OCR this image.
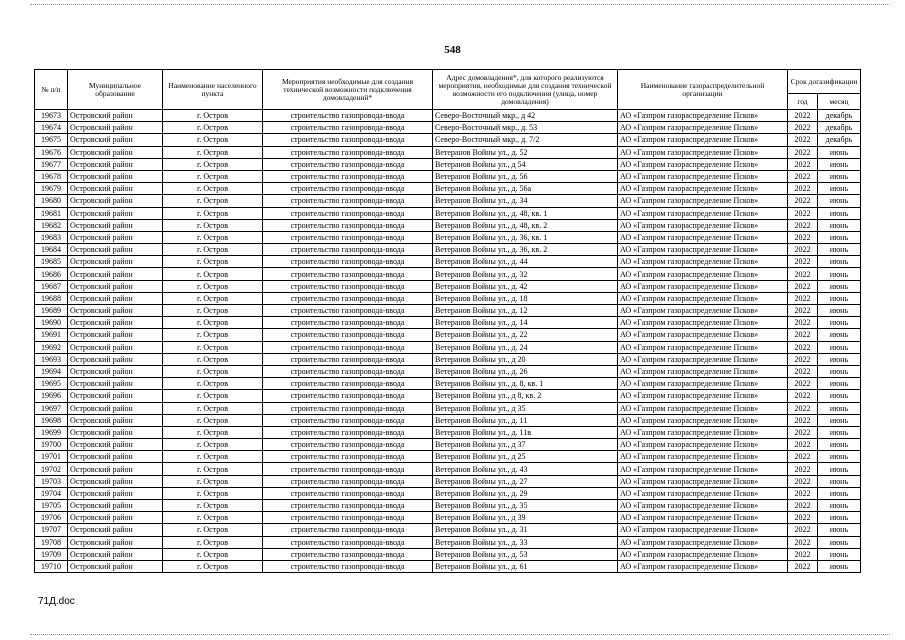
548
№ п/п	Муниципальное образование	Наименование населенного пункта	Мероприятия необходимые для создания технической возможности подключения домовладений*	Адрес домовладения*, для которого реализуются мероприятия, необходимые для создания технической возможности его подключения (улица, номер домовладения)	Наименование газораспределительной организации	Срок догазификации	
						год	месяц
19673	Островский район	г. Остров	строительство газопровода-ввода	Северо-Восточный мкр., д 42	АО «Газпром газораспределение Псков»	2022	декабрь
19674	Островский район	г. Остров	строительство газопровода-ввода	Северо-Восточный мкр., д. 53	АО «Газпром газораспределение Псков»	2022	декабрь
19675	Островский район	г. Остров	строительство газопровода-ввода	Северо-Восточный мкр., д. 7/2	АО «Газпром газораспределение Псков»	2022	декабрь
19676	Островский район	г. Остров	строительство газопровода-ввода	Ветеранов Войны ул., д. 52	АО «Газпром газораспределение Псков»	2022	июнь
19677	Островский район	г. Остров	строительство газопровода-ввода	Ветеранов Войны ул., д 54	АО «Газпром газораспределение Псков»	2022	июнь
19678	Островский район	г. Остров	строительство газопровода-ввода	Ветеранов Войны ул., д. 56	АО «Газпром газораспределение Псков»	2022	июнь
19679	Островский район	г. Остров	строительство газопровода-ввода	Ветеранов Войны ул., д. 56а	АО «Газпром газораспределение Псков»	2022	июнь
19680	Островский район	г. Остров	строительство газопровода-ввода	Ветеранов Войны ул., д. 34	АО «Газпром газораспределение Псков»	2022	июнь
19681	Островский район	г. Остров	строительство газопровода-ввода	Ветеранов Войны ул., д. 48, кв. 1	АО «Газпром газораспределение Псков»	2022	июнь
19682	Островский район	г. Остров	строительство газопровода-ввода	Ветеранов Войны ул., д. 48, кв. 2	АО «Газпром газораспределение Псков»	2022	июнь
19683	Островский район	г. Остров	строительство газопровода-ввода	Ветеранов Войны ул., д. 36, кв. 1	АО «Газпром газораспределение Псков»	2022	июнь
19684	Островский район	г. Остров	строительство газопровода-ввода	Ветеранов Войны ул., д. 36, кв. 2	АО «Газпром газораспределение Псков»	2022	июнь
19685	Островский район	г. Остров	строительство газопровода-ввода	Ветеранов Войны ул., д. 44	АО «Газпром газораспределение Псков»	2022	июнь
19686	Островский район	г. Остров	строительство газопровода-ввода	Ветеранов Войны ул., д. 32	АО «Газпром газораспределение Псков»	2022	июнь
19687	Островский район	г. Остров	строительство газопровода-ввода	Ветеранов Войны ул., д. 42	АО «Газпром газораспределение Псков»	2022	июнь
19688	Островский район	г. Остров	строительство газопровода-ввода	Ветеранов Войны ул., д. 18	АО «Газпром газораспределение Псков»	2022	июнь
19689	Островский район	г. Остров	строительство газопровода-ввода	Ветеранов Войны ул., д. 12	АО «Газпром газораспределение Псков»	2022	июнь
19690	Островский район	г. Остров	строительство газопровода-ввода	Ветеранов Войны ул., д. 14	АО «Газпром газораспределение Псков»	2022	июнь
19691	Островский район	г. Остров	строительство газопровода-ввода	Ветеранов Войны ул., д. 22	АО «Газпром газораспределение Псков»	2022	июнь
19692	Островский район	г. Остров	строительство газопровода-ввода	Ветеранов Войны ул., д. 24	АО «Газпром газораспределение Псков»	2022	июнь
19693	Островский район	г. Остров	строительство газопровода-ввода	Ветеранов Войны ул., д 20	АО «Газпром газораспределение Псков»	2022	июнь
19694	Островский район	г. Остров	строительство газопровода-ввода	Ветеранов Войны ул., д. 26	АО «Газпром газораспределение Псков»	2022	июнь
19695	Островский район	г. Остров	строительство газопровода-ввода	Ветеранов Войны ул., д. 8, кв. 1	АО «Газпром газораспределение Псков»	2022	июнь
19696	Островский район	г. Остров	строительство газопровода-ввода	Ветеранов Войны ул., д 8, кв. 2	АО «Газпром газораспределение Псков»	2022	июнь
19697	Островский район	г. Остров	строительство газопровода-ввода	Ветеранов Войны ул., д 35	АО «Газпром газораспределение Псков»	2022	июнь
19698	Островский район	г. Остров	строительство газопровода-ввода	Ветеранов Войны ул., д. 11	АО «Газпром газораспределение Псков»	2022	июнь
19699	Островский район	г. Остров	строительство газопровода-ввода	Ветеранов Войны ул., д. 11в	АО «Газпром газораспределение Псков»	2022	июнь
19700	Островский район	г. Остров	строительство газопровода-ввода	Ветеранов Войны ул., д 37	АО «Газпром газораспределение Псков»	2022	июнь
19701	Островский район	г. Остров	строительство газопровода-ввода	Ветеранов Войны ул., д 25	АО «Газпром газораспределение Псков»	2022	июнь
19702	Островский район	г. Остров	строительство газопровода-ввода	Ветеранов Войны ул., д. 43	АО «Газпром газораспределение Псков»	2022	июнь
19703	Островский район	г. Остров	строительство газопровода-ввода	Ветеранов Войны ул., д. 27	АО «Газпром газораспределение Псков»	2022	июнь
19704	Островский район	г. Остров	строительство газопровода-ввода	Ветеранов Войны ул., д. 29	АО «Газпром газораспределение Псков»	2022	июнь
19705	Островский район	г. Остров	строительство газопровода-ввода	Ветеранов Войны ул., д. 35	АО «Газпром газораспределение Псков»	2022	июнь
19706	Островский район	г. Остров	строительство газопровода-ввода	Ветеранов Войны ул., д 39	АО «Газпром газораспределение Псков»	2022	июнь
19707	Островский район	г. Остров	строительство газопровода-ввода	Ветеранов Войны ул., д. 31	АО «Газпром газораспределение Псков»	2022	июнь
19708	Островский район	г. Остров	строительство газопровода-ввода	Ветеранов Войны ул., д. 33	АО «Газпром газораспределение Псков»	2022	июнь
19709	Островский район	г. Остров	строительство газопровода-ввода	Ветеранов Войны ул., д. 53	АО «Газпром газораспределение Псков»	2022	июнь
19710	Островский район	г. Остров	строительство газопровода-ввода	Ветеранов Войны ул., д. 61	АО «Газпром газораспределение Псков»	2022	июнь
71Д.doc
